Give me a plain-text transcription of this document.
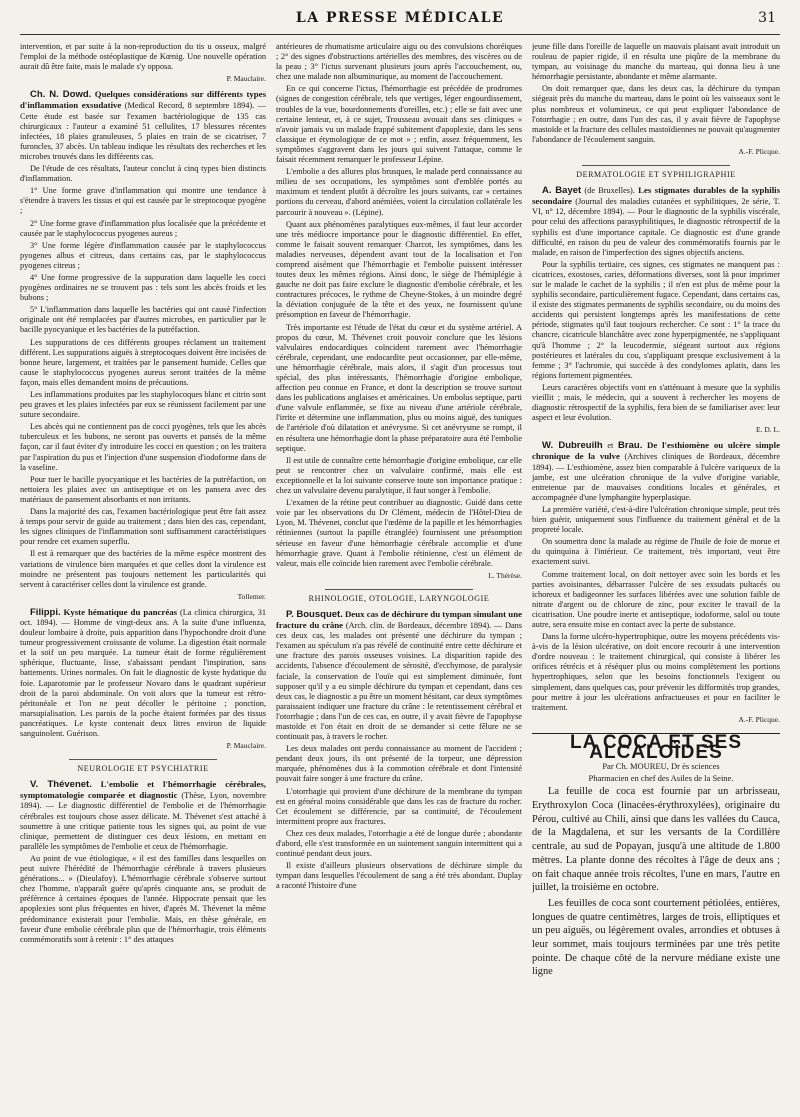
LA PRESSE MÉDICALE	31

intervention, et par suite à la non-reproduction du tis u osseux, malgré l'emploi de la méthode ostéoplastique de Kœnig. Une nouvelle opération aurait dû être faite, mais le malade s'y opposa.

P. Mauclaire.

Ch. N. Dowd. Quelques considérations sur différents types d'inflammation exsudative (Medical Record, 8 septembre 1894). — Cette étude est basée sur l'examen bactériologique de 135 cas chirurgicaux : l'auteur a examiné 51 cellulites, 17 blessures récentes infectées, 18 plaies granuleuses, 5 plaies en train de se cicatriser, 7 furoncles, 37 abcès. Un tableau indique les résultats des recherches et les microbes trouvés dans les différents cas.

De l'étude de ces résultats, l'auteur conclut à cinq types bien distincts d'inflammation.

1° Une forme grave d'inflammation qui montre une tendance à s'étendre à travers les tissus et qui est causée par le streptocoque pyogène ;

2° Une forme grave d'inflammation plus localisée que la précédente et causée par le staphylococcus pyogenes aureus ;

3° Une forme légère d'inflammation causée par le staphylococcus pyogenes albus et citreus, dans certains cas, par le staphylococcus pyogenes citreus ;

4° Une forme progressive de la suppuration dans laquelle les cocci pyogènes ordinaires ne se trouvent pas : tels sont les abcès froids et les bubons ;

5° L'inflammation dans laquelle les bactéries qui ont causé l'infection originale ont été remplacées par d'autres microbes, en particulier par le bacille pyocyanique et les bactéries de la putréfaction.

Les suppurations de ces différents groupes réclament un traitement différent. Les suppurations aiguës à streptocoques doivent être incisées de bonne heure, largement, et traitées par le pansement humide. Celles que cause le staphylococcus pyogenes aureus seront traitées de la même façon, mais elles demandent moins de précautions.

Les inflammations produites par les staphylocoques blanc et citrin sont peu graves et les plaies infectées par eux se réunissent facilement par une suture secondaire.

Les abcès qui ne contiennent pas de cocci pyogènes, tels que les abcès tuberculeux et les bubons, ne seront pas ouverts et pansés de la même façon, car il faut éviter d'y introduire les cocci en question ; on les traitera par l'aspiration du pus et l'injection d'une suspension d'iodoforme dans de la vaseline.

Pour tuer le bacille pyocyanique et les bactéries de la putréfaction, on nettoiera les plaies avec un antiseptique et on les pansera avec des matériaux de pansement absorbants et non irritants.

Dans la majorité des cas, l'examen bactériologique peut être fait assez à temps pour servir de guide au traitement ; dans bien des cas, cependant, les signes cliniques de l'inflammation sont suffisamment caractéristiques pour rendre cet examen superflu.

Il est à remarquer que des bactéries de la même espèce montrent des variations de virulence bien marquées et que celles dont la virulence est moindre ne présentent pas toujours nettement les particularités qui servent à caractériser celles dont la virulence est grande.

Tollemer.

Filippi. Kyste hématique du pancréas (La clinica chirurgica, 31 oct. 1894). — Homme de vingt-deux ans. A la suite d'une influenza, douleur lombaire à droite, puis apparition dans l'hypochondre droit d'une tumeur progressivement croissante de volume. La digestion était normale et la soif un peu marquée. La tumeur était de forme régulièrement sphérique, fluctuante, lisse, s'abaissant pendant l'inspiration, sans battements. Urines normales. On fait le diagnostic de kyste hydatique du foie. Laparotomie par le professeur Novaro dans le quadrant supérieur droit de la paroi abdominale. On voit alors que la tumeur est rétro-péritonéale et l'on ne peut décoller le péritoine ; ponction, marsupialisation. Les parois de la poche étaient formées par des tissus pancréatiques. Le kyste contenait deux litres environ de liquide sanguinolent. Guérison.

P. Mauclaire.
NEUROLOGIE ET PSYCHIATRIE

V. Thévenet. L'embolie et l'hémorrhagie cérébrales, symptomatologie comparée et diagnostic (Thèse, Lyon, novembre 1894). — Le diagnostic différentiel de l'embolie et de l'hémorrhagie cérébrales est toujours chose assez délicate. M. Thévenet s'est attaché à soumettre à une critique patiente tous les signes qui, au point de vue clinique, permettent de distinguer ces deux lésions, en mettant en parallèle les symptômes de l'embolie et ceux de l'hémorrhagie.

Au point de vue étiologique, « il est des familles dans lesquelles on peut suivre l'hérédité de l'hémorrhagie cérébrale à travers plusieurs générations... » (Dieulafoy). L'hémorrhagie cérébrale s'observe surtout chez l'homme, n'apparaît guère qu'après cinquante ans, se produit de préférence à certaines époques de l'année. Hippocrate pensait que les apoplexies sont plus fréquentes en hiver, d'après M. Thévenet la même prédominance existerait pour l'embolie. Mais, en thèse générale, en faveur d'une embolie cérébrale plus que de l'hémorrhagie, trois éléments commémoratifs sont à retenir : 1° des attaques

antérieures de rhumatisme articulaire aigu ou des convulsions choréiques ; 2° des signes d'obstructions artérielles des membres, des viscères ou de la peau ; 3° l'ictus survenant plusieurs jours après l'accouchement, ou, chez une malade non albuminurique, au moment de l'accouchement.

En ce qui concerne l'ictus, l'hémorrhagie est précédée de prodromes (signes de congestion cérébrale, tels que vertiges, léger engourdissement, troubles de la vue, bourdonnements d'oreilles, etc.) ; elle se fait avec une certaine lenteur, et, à ce sujet, Trousseau avouait dans ses cliniques « n'avoir jamais vu un malade frappé subitement d'apoplexie, dans les sens classique et étymologique de ce mot » ; enfin, assez fréquemment, les symptômes s'aggravent dans les jours qui suivent l'attaque, comme le faisait récemment remarquer le professeur Lépine.

L'embolie a des allures plus brusques, le malade perd connaissance au milieu de ses occupations, les symptômes sont d'emblée portés au maximum et tendent plutôt à décroître les jours suivants, car « certaines portions du cerveau, d'abord anémiées, voient la circulation collatérale les parcourir à nouveau ». (Lépine).

Quant aux phénomènes paralytiques eux-mêmes, il faut leur accorder une très médiocre importance pour le diagnostic différentiel. En effet, comme le faisait souvent remarquer Charcot, les symptômes, dans les maladies nerveuses, dépendent avant tout de la localisation et l'on comprend aisément que l'hémorrhagie et l'embolie puissent intéresser toutes deux les mêmes régions. Ainsi donc, le siège de l'hémiplégie à gauche ne doit pas faire exclure le diagnostic d'embolie cérébrale, et les contractures précoces, le rythme de Cheyne-Stokes, à un moindre degré la déviation conjuguée de la tête et des yeux, ne fournissent qu'une présomption en faveur de l'hémorrhagie.

Très importante est l'étude de l'état du cœur et du système artériel. A propos du cœur, M. Thévenet croit pouvoir conclure que les lésions valvulaires endocardiques coïncident rarement avec l'hémorrhagie cérébrale, cependant, une endocardite peut occasionner, par elle-même, une hémorrhagie cérébrale, mais alors, il s'agit d'un processus tout spécial, des plus intéressants, l'hémorrhagie d'origine embolique, affection peu connue en France, et dont la description se trouve surtout dans les publications anglaises et américaines. Un embolus septique, parti d'une valvule enflammée, se fixe au niveau d'une artériole cérébrale, l'irrite et détermine une inflammation, plus ou moins aiguë, des tuniques de l'artériole d'où dilatation et anévrysme. Si cet anévrysme se rompt, il en résultera une hémorrhagie dont la phase préparatoire aura été l'embolie septique.

Il est utile de connaître cette hémorrhagie d'origine embolique, car elle peut se rencontrer chez un valvulaire confirmé, mais elle est exceptionnelle et la loi suivante conserve toute son importance pratique : chez un valvulaire devenu paralytique, il faut songer à l'embolie.

L'examen de la rétine peut contribuer au diagnostic. Guidé dans cette voie par les observations du Dr Clément, médecin de l'Hôtel-Dieu de Lyon, M. Thévenet, conclut que l'œdème de la papille et les hémorrhagies rétiniennes (surtout la papille étranglée) fournissent une présomption sérieuse en faveur d'une hémorrhagie cérébrale accomplie et d'une hémorrhagie grave. Quant à l'embolie rétinienne, c'est un élément de valeur, mais elle coïncide bien rarement avec l'embolie cérébrale.

L. Thérèse.
RHINOLOGIE, OTOLOGIE, LARYNGOLOGIE

P. Bousquet. Deux cas de déchirure du tympan simulant une fracture du crâne (Arch. clin. de Bordeaux, décembre 1894). — Dans ces deux cas, les malades ont présenté une déchirure du tympan ; l'examen au spéculum n'a pas révélé de continuité entre cette déchirure et une fracture des parois osseuses voisines. La disparition rapide des accidents, l'absence d'écoulement de sérosité, d'ecchymose, de paralysie faciale, la conservation de l'ouïe qui est simplement diminuée, font supposer qu'il y a eu simple déchirure du tympan et cependant, dans ces deux cas, le diagnostic a pu être un moment hésitant, car deux symptômes paraissaient indiquer une fracture du crâne : le retentissement cérébral et l'otorrhagie ; dans l'un de ces cas, en outre, il y avait fièvre de l'apophyse mastoïde et l'on était en droit de se demander si cette fêlure ne se continuait pas, à travers le rocher.

Les deux malades ont perdu connaissance au moment de l'accident ; pendant deux jours, ils ont présenté de la torpeur, une dépression marquée, phénomènes dus à la commotion cérébrale et dont l'intensité pouvait faire songer à une fracture du crâne.

L'otorrhagie qui provient d'une déchirure de la membrane du tympan est en général moins considérable que dans les cas de fracture du rocher. Cet écoulement se différencie, par sa continuité, de l'écoulement intermittent propre aux fractures.

Chez ces deux malades, l'otorrhagie a été de longue durée ; abondante d'abord, elle s'est transformée en un suintement sanguin intermittent qui a continué pendant deux jours.

Il existe d'ailleurs plusieurs observations de déchirure simple du tympan dans lesquelles l'écoulement de sang a été très abondant. Duplay a raconté l'histoire d'une

jeune fille dans l'oreille de laquelle un mauvais plaisant avait introduit un rouleau de papier rigide, il en résulta une piqûre de la membrane du tympan, au voisinage du manche du marteau, qui donna lieu à une hémorrhagie persistante, abondante et même alarmante.

On doit remarquer que, dans les deux cas, la déchirure du tympan siégeait près du manche du marteau, dans le point où les vaisseaux sont le plus nombreux et volumineux, ce qui peut expliquer l'abondance de l'otorrhagie ; en outre, dans l'un des cas, il y avait fièvre de l'apophyse mastoïde et la fracture des cellules mastoïdiennes ne pouvait qu'augmenter l'abondance de l'écoulement sanguin.

A.-F. Plicque.
DERMATOLOGIE ET SYPHILIGRAPHIE

A. Bayet (de Bruxelles). Les stigmates durables de la syphilis secondaire (Journal des maladies cutanées et syphilitiques, 2e série, T. VI, n° 12, décembre 1894). — Pour le diagnostic de la syphilis viscérale, pour celui des affections parasyphilitiques, le diagnostic rétrospectif de la syphilis est d'une importance capitale. Ce diagnostic est d'une grande difficulté, en raison du peu de valeur des commémoratifs fournis par le malade, en raison de l'imperfection des signes objectifs anciens.

Pour la syphilis tertiaire, ces signes, ces stigmates ne manquent pas : cicatrices, exostoses, caries, déformations diverses, sont là pour imprimer sur le malade le cachet de la syphilis ; il n'en est plus de même pour la syphilis secondaire, particulièrement fugace. Cependant, dans certains cas, il existe des stigmates permanents de syphilis secondaire, ou du moins des accidents qui persistent longtemps après les manifestations de cette période, stigmates qu'il faut toujours rechercher. Ce sont : 1° la trace du chancre, cicatricule blanchâtre avec zone hyperpigmentée, ne s'appliquant qu'à l'homme ; 2° la leucodermie, siégeant surtout aux régions postérieures et latérales du cou, s'appliquant presque exclusivement à la femme ; 3° l'achromie, qui succède à des condylomes aplatis, dans les régions fortement pigmentées.

Leurs caractères objectifs vont en s'atténuant à mesure que la syphilis vieillit ; mais, le médecin, qui a souvent à rechercher les moyens de diagnostic rétrospectif de la syphilis, fera bien de se familiariser avec leur aspect et leur évolution.

E. D. L.

W. Dubreuilh et Brau. De l'esthiomène ou ulcère simple chronique de la vulve (Archives cliniques de Bordeaux, décembre 1894). — L'esthiomène, assez bien comparable à l'ulcère variqueux de la jambe, est une ulcération chronique de la vulve d'origine variable, entretenue par de mauvaises conditions locales et générales, et accompagnée d'une lymphangite hyperplasique.

La première variété, c'est-à-dire l'ulcération chronique simple, peut très bien guérir, uniquement sous l'influence du traitement général et de la propreté locale.

On soumettra donc la malade au régime de l'huile de foie de morue et du quinquina à l'intérieur. Ce traitement, très important, veut être exactement suivi.

Comme traitement local, on doit nettoyer avec soin les bords et les parties avoisinantes, débarrasser l'ulcère de ses exsudats pultacés ou ichoreux et badigeonner les surfaces libérées avec une solution faible de nitrate d'argent ou de chlorure de zinc, pour exciter le travail de la cicatrisation. Une poudre inerte et antiseptique, iodoforme, salol ou toute autre, sera ensuite mise en contact avec la perte de substance.

Dans la forme ulcéro-hypertrophique, outre les moyens précédents vis-à-vis de la lésion ulcérative, on doit encore recourir à une intervention d'ordre nouveau : le traitement chirurgical, qui consiste à libérer les orifices rétrécis et à réséquer plus ou moins complètement les portions hypertrophiques, selon que les besoins fonctionnels l'exigent ou simplement, dans quelques cas, pour prévenir les difformités trop grandes, pour mettre à jour les ulcérations anfractueuses et pour en faciliter le traitement.

A.-F. Plicque.
LA COCA ET SES ALCALOÏDES

Par Ch. MOUREU, Dr ès sciences

Pharmacien en chef des Asiles de la Seine.

La feuille de coca est fournie par un arbrisseau, Erythroxylon Coca (linacées-érythroxylées), originaire du Pérou, cultivé au Chili, ainsi que dans les vallées du Cauca, de la Magdalena, et sur les versants de la Cordillère centrale, au sud de Popayan, jusqu'à une altitude de 1.800 mètres. La plante donne des récoltes à l'âge de deux ans ; on fait chaque année trois récoltes, l'une en mars, l'autre en juillet, la troisième en octobre.

Les feuilles de coca sont courtement pétiolées, entières, longues de quatre centimètres, larges de trois, elliptiques et un peu aiguës, ou légèrement ovales, arrondies et obtuses à leur sommet, mais toujours terminées par une très petite pointe. De chaque côté de la nervure médiane existe une ligne
